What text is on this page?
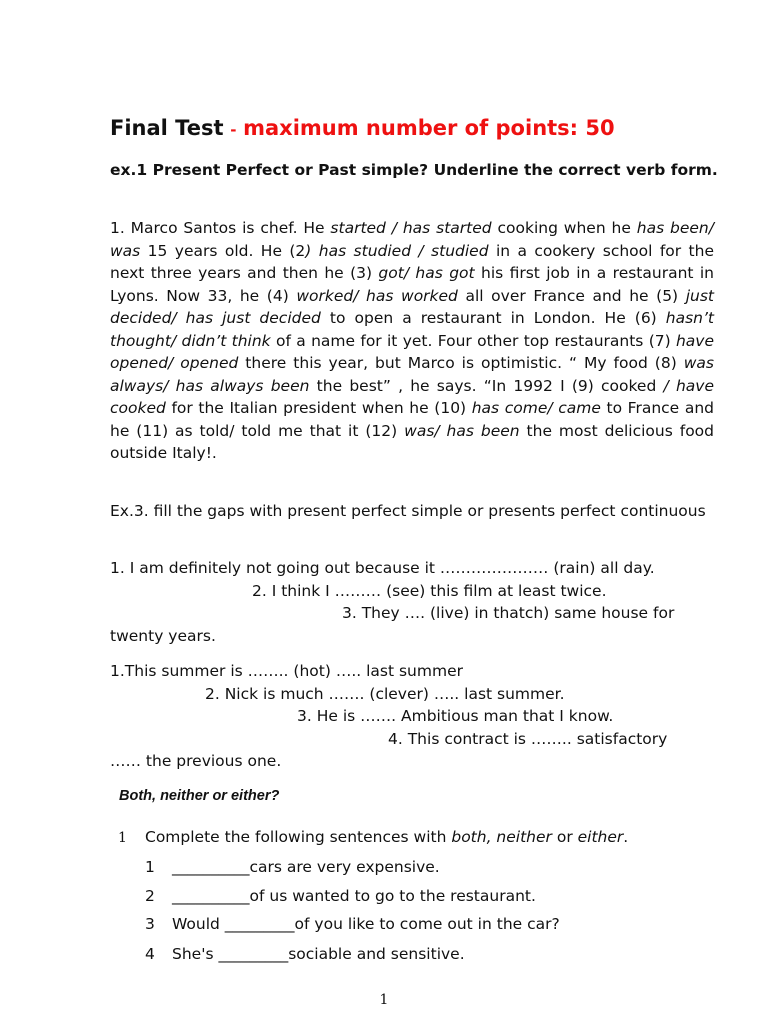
Final Test - maximum number of points: 50
ex.1 Present Perfect or Past simple? Underline the correct verb form.
1. Marco Santos is chef. He started / has started cooking when he has been/ was 15 years old. He (2) has studied / studied in a cookery school for the next three years and then he (3) got/ has got his first job in a restaurant in Lyons. Now 33, he (4) worked/ has worked all over France and he (5) just decided/ has just decided to open a restaurant in London. He (6) hasn’t thought/ didn’t think of a name for it yet. Four other top restaurants (7) have opened/ opened there this year, but Marco is optimistic. “ My food (8) was always/ has always been the best” , he says. “In 1992 I (9) cooked / have cooked for the Italian president when he (10) has come/ came to France and he (11) as told/ told me that it (12) was/ has been the most delicious food outside Italy!.
Ex.3. fill the gaps with present perfect simple or presents perfect continuous
1. I am definitely not going out because it ………………… (rain) all day.
2. I think I ……… (see) this film at least twice.
3. They …. (live) in thatch) same house for
twenty years.
1.This summer is …….. (hot) ….. last summer
2. Nick is much ……. (clever) ….. last summer.
3. He is ……. Ambitious man that I know.
4. This contract is …….. satisfactory
…… the previous one.
Both, neither or either?
1 Complete the following sentences with both, neither or either.
1 __________cars are very expensive.
2 __________of us wanted to go to the restaurant.
3 Would _________of you like to come out in the car?
4 She's _________sociable and sensitive.
1
